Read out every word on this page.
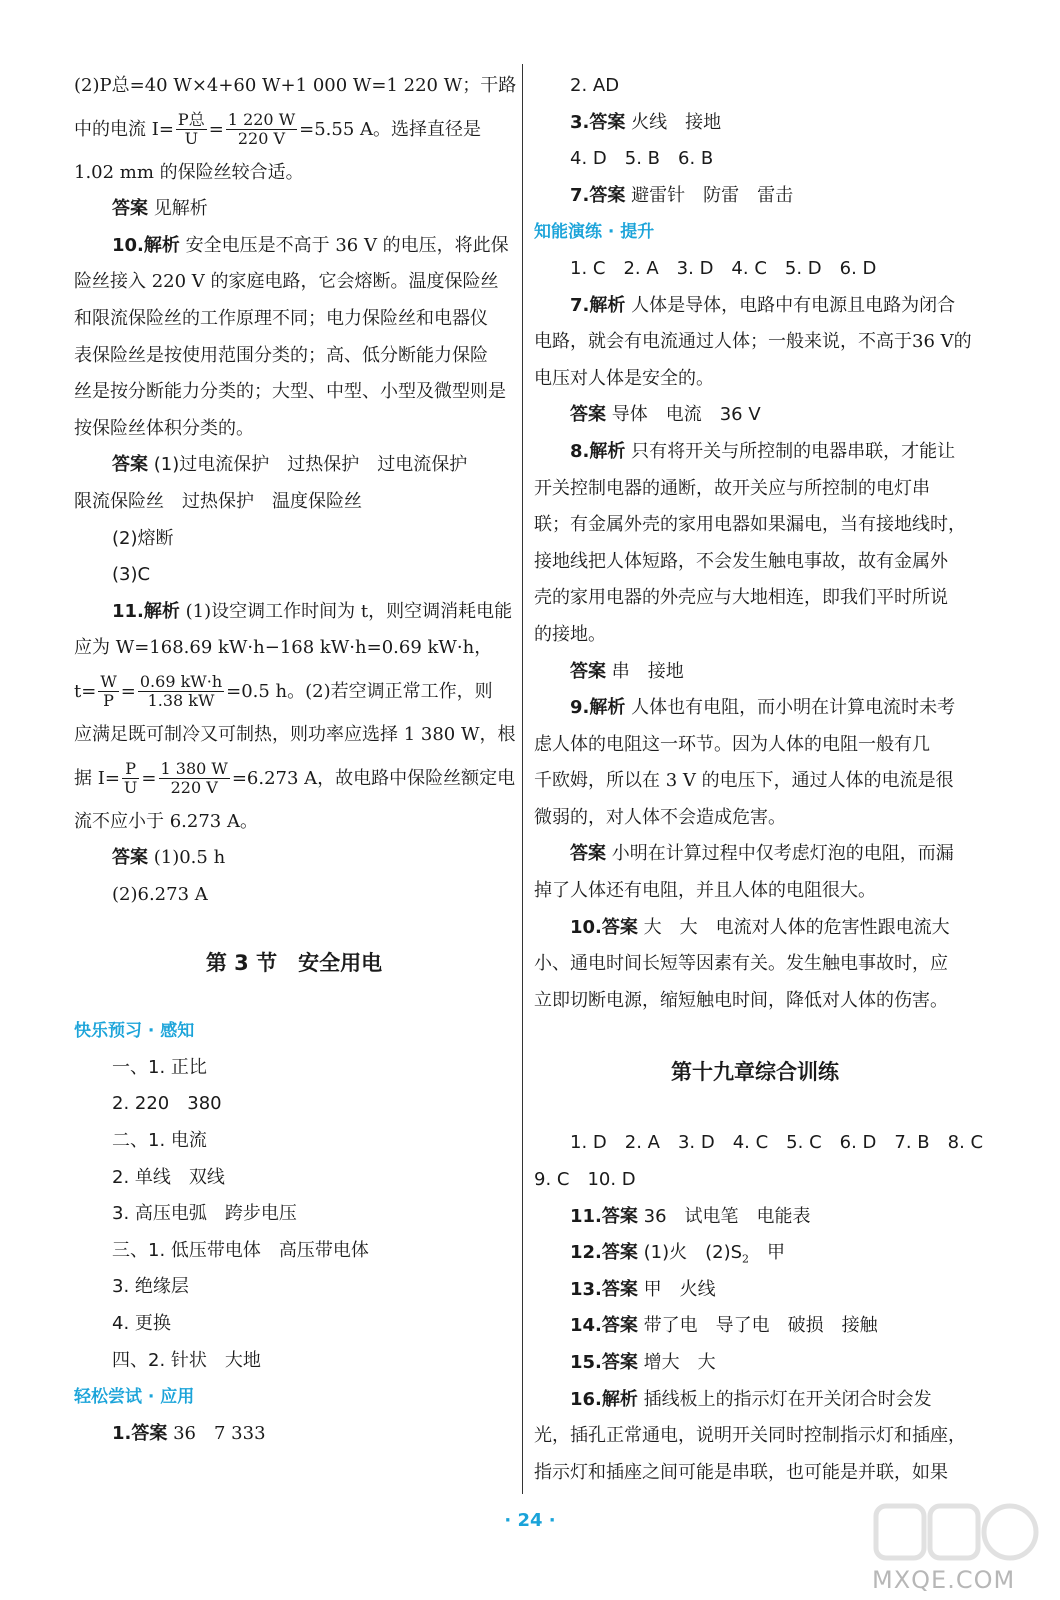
(2)P总=40 W×4+60 W+1 000 W=1 220 W；干路
中的电流 $I= \frac{\text{P总}}{U} = \frac{1 220 W}{220 V} =5.55$ A。选择直径是
1.02 mm 的保险丝较合适。
答案 见解析
10.解析 安全电压是不高于 36 V 的电压，将此保
险丝接入 220 V 的家庭电路，它会熔断。温度保险丝
和限流保险丝的工作原理不同；电力保险丝和电器仪
表保险丝是按使用范围分类的；高、低分断能力保险
丝是按分断能力分类的；大型、中型、小型及微型则是
按保险丝体积分类的。
答案 (1)过电流保护　过热保护　过电流保护
限流保险丝　过热保护　温度保险丝
(2)熔断
(3)C
11.解析 (1)设空调工作时间为 t，则空调消耗电能
应为 W=168.69 kW·h−168 kW·h=0.69 kW·h，
$t= \frac{W}{P} = \frac{0.69 kW\cdot h}{1.38 kW} =0.5$ h。(2)若空调正常工作，则
应满足既可制冷又可制热，则功率应选择 1 380 W，根
据 $I= \frac{P}{U} = \frac{1 380 W}{220 V} =6.273$ A，故电路中保险丝额定电
流不应小于 6.273 A。
答案 (1)0.5 h
(2)6.273 A
第 3 节　安全用电
快乐预习 · 感知
一、1. 正比
2. 220　380
二、1. 电流
2. 单线　双线
3. 高压电弧　跨步电压
三、1. 低压带电体　高压带电体
3. 绝缘层
4. 更换
四、2. 针状　大地
轻松尝试 · 应用
1.答案 36　7 333
2. AD
3.答案 火线　接地
4. D　5. B　6. B
7.答案 避雷针　防雷　雷击
知能演练 · 提升
1. C　2. A　3. D　4. C　5. D　6. D
7.解析 人体是导体，电路中有电源且电路为闭合
电路，就会有电流通过人体；一般来说，不高于36 V的
电压对人体是安全的。
答案 导体　电流　36 V
8.解析 只有将开关与所控制的电器串联，才能让
开关控制电器的通断，故开关应与所控制的电灯串
联；有金属外壳的家用电器如果漏电，当有接地线时，
接地线把人体短路，不会发生触电事故，故有金属外
壳的家用电器的外壳应与大地相连，即我们平时所说
的接地。
答案 串　接地
9.解析 人体也有电阻，而小明在计算电流时未考
虑人体的电阻这一环节。因为人体的电阻一般有几
千欧姆，所以在 3 V 的电压下，通过人体的电流是很
微弱的，对人体不会造成危害。
答案 小明在计算过程中仅考虑灯泡的电阻，而漏
掉了人体还有电阻，并且人体的电阻很大。
10.答案 大　大　电流对人体的危害性跟电流大
小、通电时间长短等因素有关。发生触电事故时，应
立即切断电源，缩短触电时间，降低对人体的伤害。
第十九章综合训练
1. D　2. A　3. D　4. C　5. C　6. D　7. B　8. C
9. C　10. D
11.答案 36　试电笔　电能表
12.答案 (1)火　$(2)S_2$　甲
13.答案 甲　火线
14.答案 带了电　导了电　破损　接触
15.答案 增大　大
16.解析 插线板上的指示灯在开关闭合时会发
光，插孔正常通电，说明开关同时控制指示灯和插座，
指示灯和插座之间可能是串联，也可能是并联，如果
· 24 ·
MXQE.COM
